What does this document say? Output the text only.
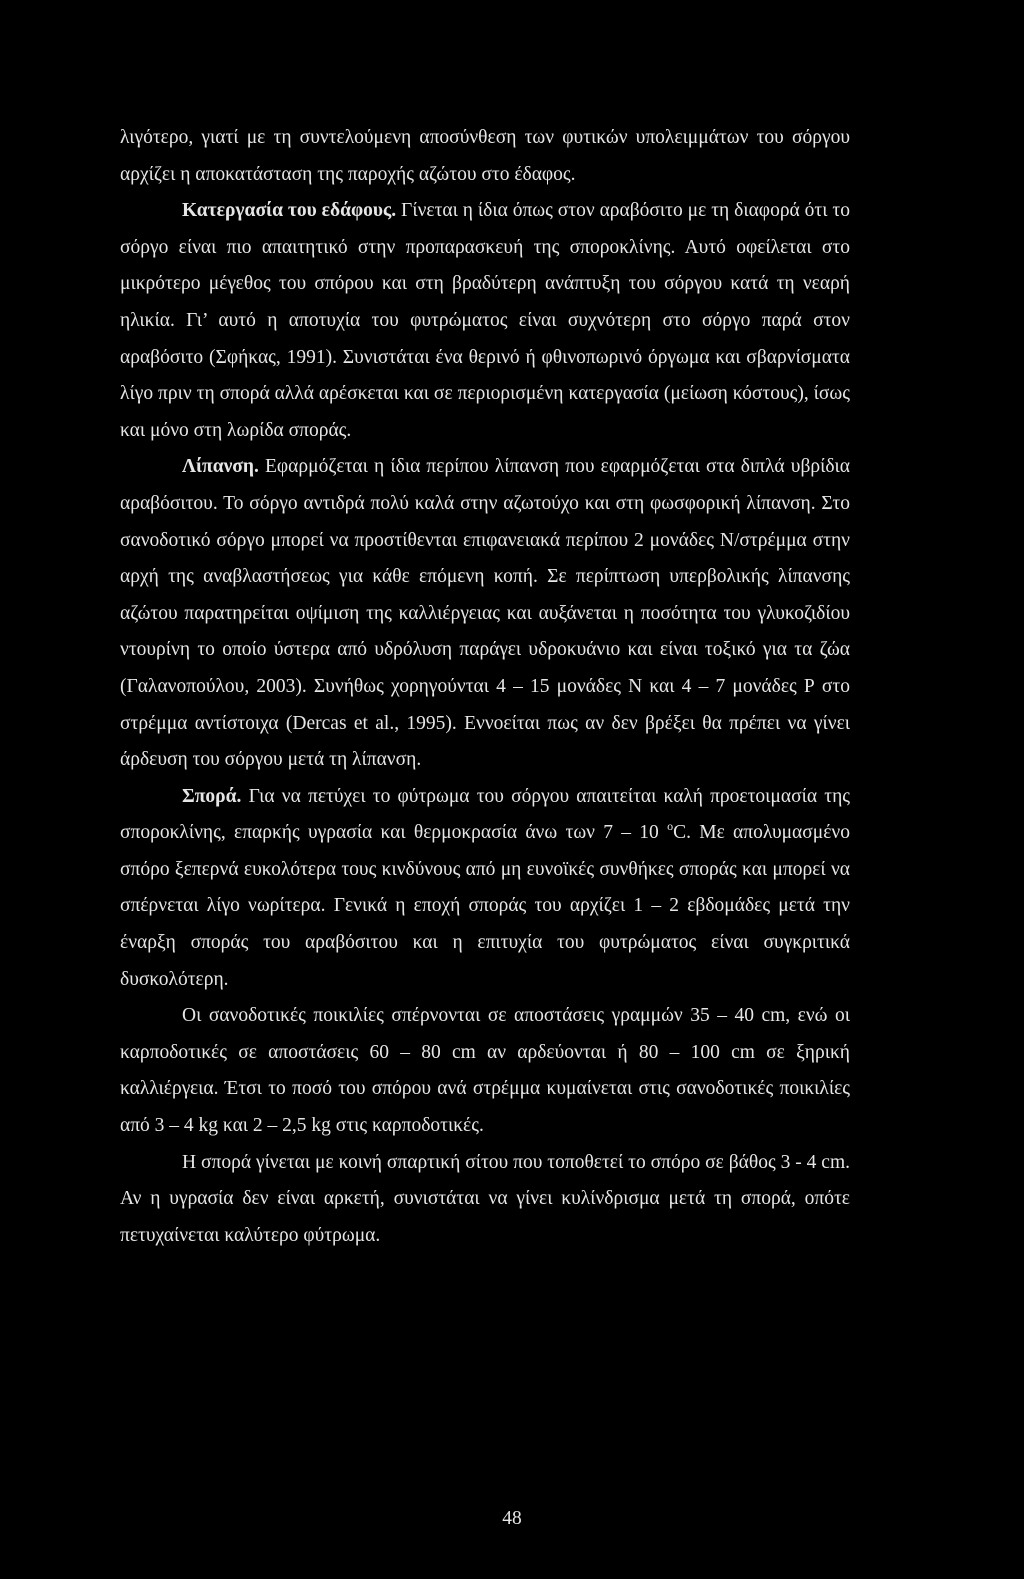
λιγότερο, γιατί με τη συντελούμενη αποσύνθεση των φυτικών υπολειμμάτων του σόργου αρχίζει η αποκατάσταση της παροχής αζώτου στο έδαφος.

Κατεργασία του εδάφους. Γίνεται η ίδια όπως στον αραβόσιτο με τη διαφορά ότι το σόργο είναι πιο απαιτητικό στην προπαρασκευή της σποροκλίνης. Αυτό οφείλεται στο μικρότερο μέγεθος του σπόρου και στη βραδύτερη ανάπτυξη του σόργου κατά τη νεαρή ηλικία. Γι’ αυτό η αποτυχία του φυτρώματος είναι συχνότερη στο σόργο παρά στον αραβόσιτο (Σφήκας, 1991). Συνιστάται ένα θερινό ή φθινοπωρινό όργωμα και σβαρνίσματα λίγο πριν τη σπορά αλλά αρέσκεται και σε περιορισμένη κατεργασία (μείωση κόστους), ίσως και μόνο στη λωρίδα σποράς.

Λίπανση. Εφαρμόζεται η ίδια περίπου λίπανση που εφαρμόζεται στα διπλά υβρίδια αραβόσιτου. Το σόργο αντιδρά πολύ καλά στην αζωτούχο και στη φωσφορική λίπανση. Στο σανοδοτικό σόργο μπορεί να προστίθενται επιφανειακά περίπου 2 μονάδες Ν/στρέμμα στην αρχή της αναβλαστήσεως για κάθε επόμενη κοπή. Σε περίπτωση υπερβολικής λίπανσης αζώτου παρατηρείται οψίμιση της καλλιέργειας και αυξάνεται η ποσότητα του γλυκοζιδίου ντουρίνη το οποίο ύστερα από υδρόλυση παράγει υδροκυάνιο και είναι τοξικό για τα ζώα (Γαλανοπούλου, 2003). Συνήθως χορηγούνται 4 – 15 μονάδες Ν και 4 – 7 μονάδες Ρ στο στρέμμα αντίστοιχα (Dercas et al., 1995). Εννοείται πως αν δεν βρέξει θα πρέπει να γίνει άρδευση του σόργου μετά τη λίπανση.

Σπορά. Για να πετύχει το φύτρωμα του σόργου απαιτείται καλή προετοιμασία της σποροκλίνης, επαρκής υγρασία και θερμοκρασία άνω των 7 – 10 $^o$C. Με απολυμασμένο σπόρο ξεπερνά ευκολότερα τους κινδύνους από μη ευνοϊκές συνθήκες σποράς και μπορεί να σπέρνεται λίγο νωρίτερα. Γενικά η εποχή σποράς του αρχίζει 1 – 2 εβδομάδες μετά την έναρξη σποράς του αραβόσιτου και η επιτυχία του φυτρώματος είναι συγκριτικά δυσκολότερη.

Οι σανοδοτικές ποικιλίες σπέρνονται σε αποστάσεις γραμμών 35 – 40 cm, ενώ οι καρποδοτικές σε αποστάσεις 60 – 80 cm αν αρδεύονται ή 80 – 100 cm σε ξηρική καλλιέργεια. Έτσι το ποσό του σπόρου ανά στρέμμα κυμαίνεται στις σανοδοτικές ποικιλίες από 3 – 4 kg και 2 – 2,5 kg στις καρποδοτικές.

Η σπορά γίνεται με κοινή σπαρτική σίτου που τοποθετεί το σπόρο σε βάθος 3 - 4 cm. Αν η υγρασία δεν είναι αρκετή, συνιστάται να γίνει κυλίνδρισμα μετά τη σπορά, οπότε πετυχαίνεται καλύτερο φύτρωμα.

48
